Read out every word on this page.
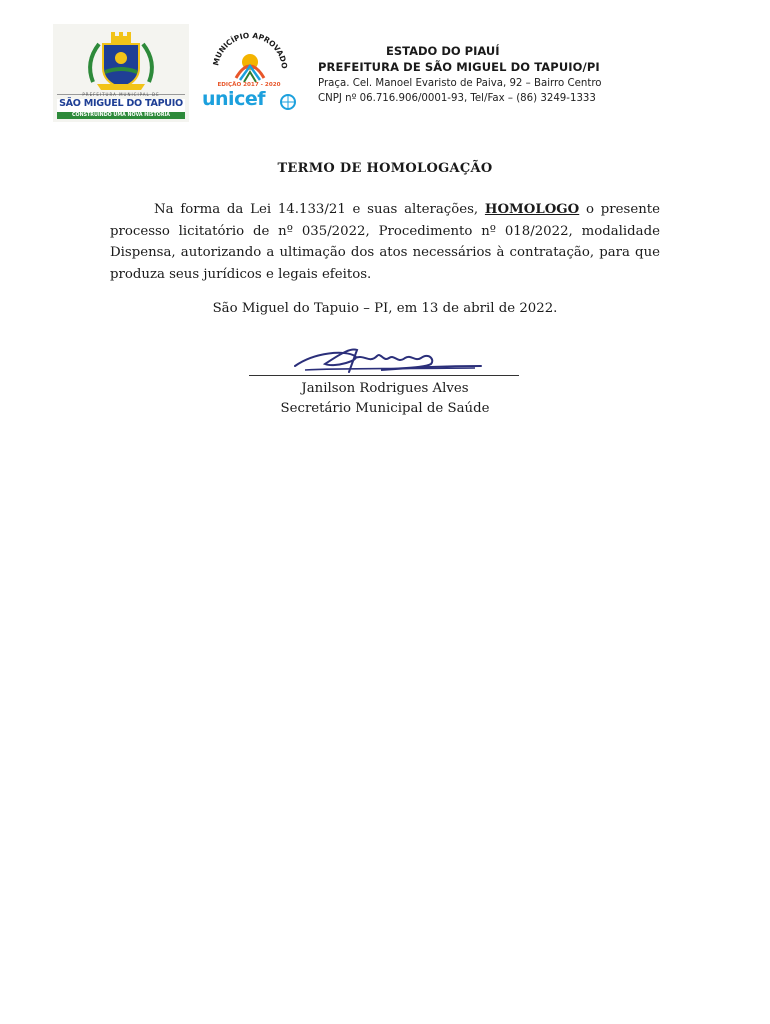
PREFEITURA MUNICIPAL DE
SÃO MIGUEL DO TAPUIO
CONSTRUINDO UMA NOVA HISTÓRIA
MUNICÍPIO APROVADO
EDIÇÃO 2017 - 2020
unicef
ESTADO DO PIAUÍ
PREFEITURA DE SÃO MIGUEL DO TAPUIO/PI
Praça. Cel. Manoel Evaristo de Paiva, 92 – Bairro Centro
CNPJ nº 06.716.906/0001-93, Tel/Fax – (86) 3249-1333
TERMO DE HOMOLOGAÇÃO
Na forma da Lei 14.133/21 e suas alterações, HOMOLOGO o presente processo licitatório de nº 035/2022, Procedimento nº 018/2022, modalidade Dispensa, autorizando a ultimação dos atos necessários à contratação, para que produza seus jurídicos e legais efeitos.
São Miguel do Tapuio – PI, em 13 de abril de 2022.
Janilson Rodrigues Alves
Secretário Municipal de Saúde
